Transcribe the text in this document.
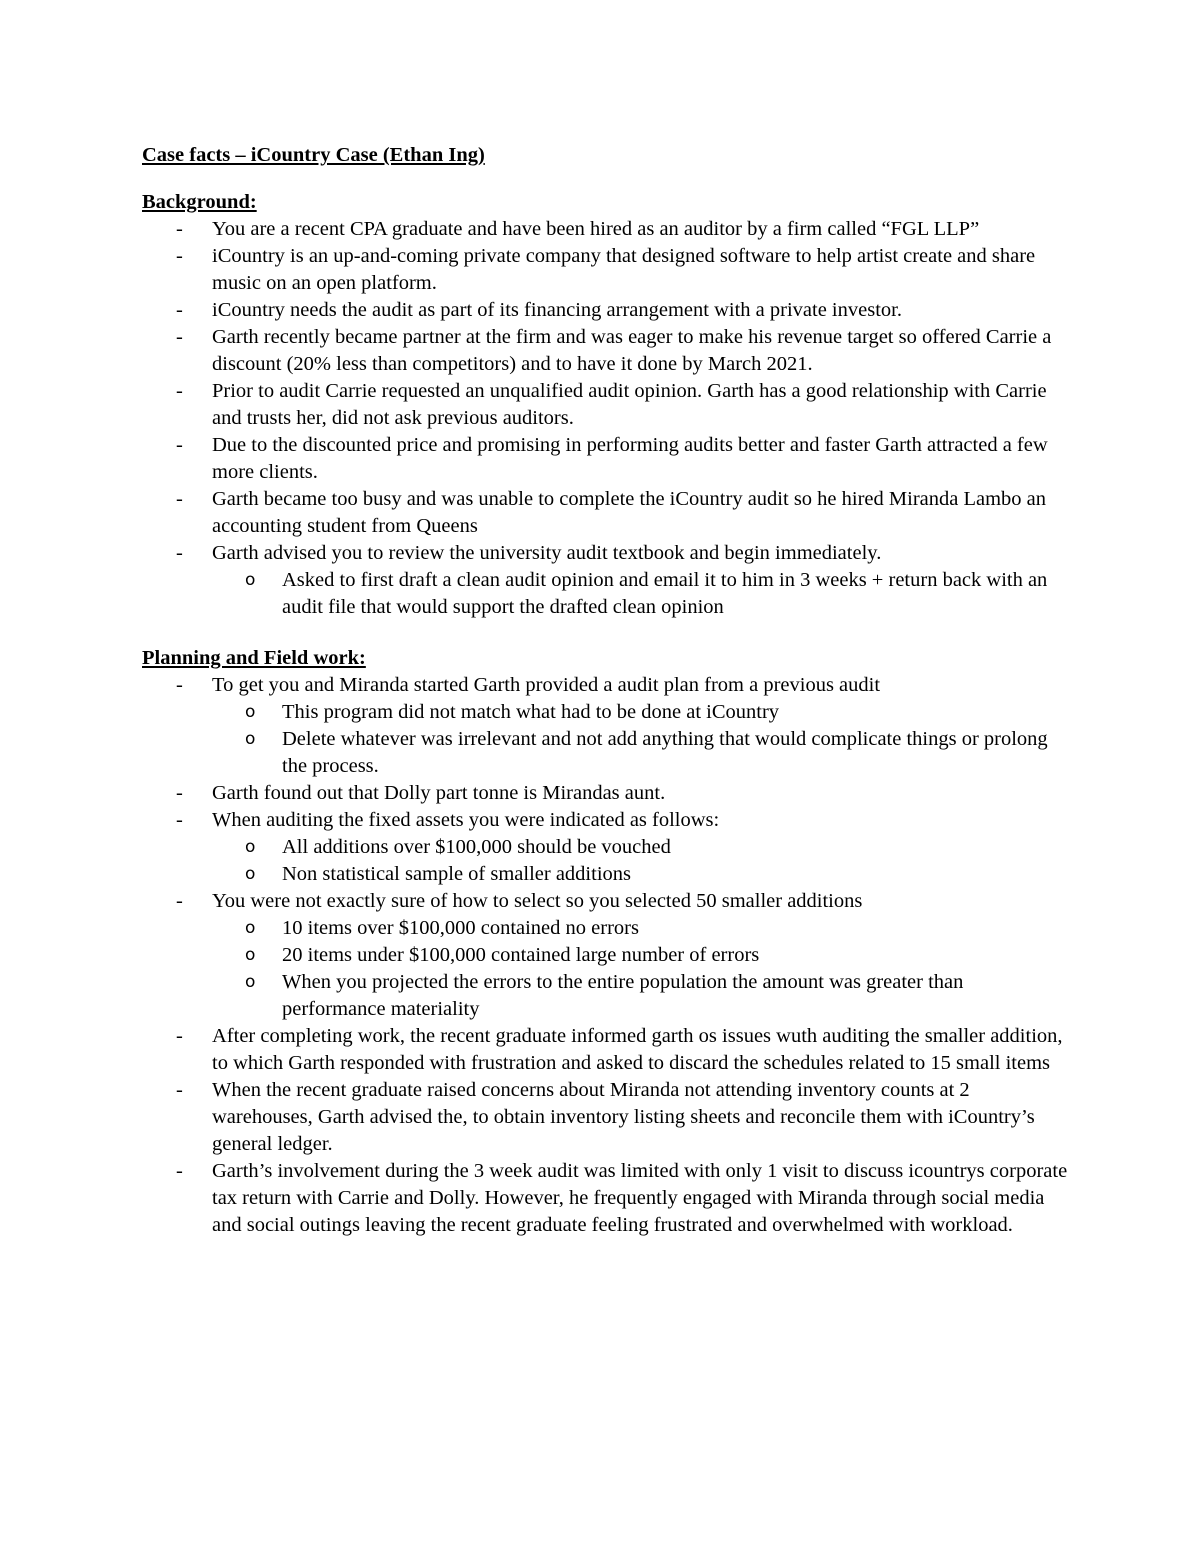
Case facts – iCountry Case (Ethan Ing)
Background:
- You are a recent CPA graduate and have been hired as an auditor by a firm called “FGL LLP”
- iCountry is an up-and-coming private company that designed software to help artist create and share music on an open platform.
- iCountry needs the audit as part of its financing arrangement with a private investor.
- Garth recently became partner at the firm and was eager to make his revenue target so offered Carrie a discount (20% less than competitors) and to have it done by March 2021.
- Prior to audit Carrie requested an unqualified audit opinion. Garth has a good relationship with Carrie and trusts her, did not ask previous auditors.
- Due to the discounted price and promising in performing audits better and faster Garth attracted a few more clients.
- Garth became too busy and was unable to complete the iCountry audit so he hired Miranda Lambo an accounting student from Queens
- Garth advised you to review the university audit textbook and begin immediately.
o Asked to first draft a clean audit opinion and email it to him in 3 weeks + return back with an audit file that would support the drafted clean opinion
Planning and Field work:
- To get you and Miranda started Garth provided a audit plan from a previous audit
o This program did not match what had to be done at iCountry
o Delete whatever was irrelevant and not add anything that would complicate things or prolong the process.
- Garth found out that Dolly part tonne is Mirandas aunt.
- When auditing the fixed assets you were indicated as follows:
o All additions over $100,000 should be vouched
o Non statistical sample of smaller additions
- You were not exactly sure of how to select so you selected 50 smaller additions
o 10 items over $100,000 contained no errors
o 20 items under $100,000 contained large number of errors
o When you projected the errors to the entire population the amount was greater than performance materiality
- After completing work, the recent graduate informed garth os issues wuth auditing the smaller addition, to which Garth responded with frustration and asked to discard the schedules related to 15 small items
- When the recent graduate raised concerns about Miranda not attending inventory counts at 2 warehouses, Garth advised the, to obtain inventory listing sheets and reconcile them with iCountry’s general ledger.
- Garth’s involvement during the 3 week audit was limited with only 1 visit to discuss icountrys corporate tax return with Carrie and Dolly. However, he frequently engaged with Miranda through social media and social outings leaving the recent graduate feeling frustrated and overwhelmed with workload.
